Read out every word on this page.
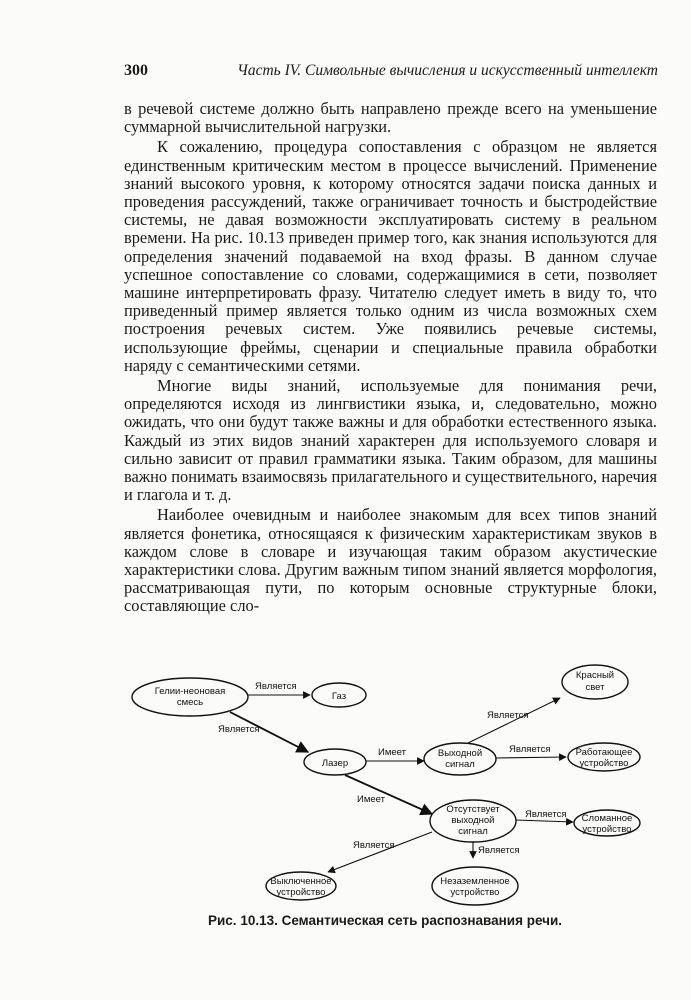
300	Часть IV. Символьные вычисления и искусственный интеллект

в речевой системе должно быть направлено прежде всего на уменьшение суммарной вычислительной нагрузки.

К сожалению, процедура сопоставления с образцом не является единственным критическим местом в процессе вычислений. Применение знаний высокого уровня, к которому относятся задачи поиска данных и проведения рассуждений, также ограничивает точность и быстродействие системы, не давая возможности эксплуатировать систему в реальном времени. На рис. 10.13 приведен пример того, как знания используются для определения значений подаваемой на вход фразы. В данном случае успешное сопоставление со словами, содержащимися в сети, позволяет машине интерпретировать фразу. Читателю следует иметь в виду то, что приведенный пример является только одним из числа возможных схем построения речевых систем. Уже появились речевые системы, использующие фреймы, сценарии и специальные правила обработки наряду с семантическими сетями.

Многие виды знаний, используемые для понимания речи, определяются исходя из лингвистики языка, и, следовательно, можно ожидать, что они будут также важны и для обработки естественного языка. Каждый из этих видов знаний характерен для используемого словаря и сильно зависит от правил грамматики языка. Таким образом, для машины важно понимать взаимосвязь прилагательного и существительного, наречия и глагола и т. д.

Наиболее очевидным и наиболее знакомым для всех типов знаний является фонетика, относящаяся к физическим характеристикам звуков в каждом слове в словаре и изучающая таким образом акустические характеристики слова. Другим важным типом знаний является морфология, рассматривающая пути, по которым основные структурные блоки, составляющие сло-

Гелии-неоновая
смесь
Газ
Лазер
Красный
свет
Выходной
сигнал
Работающее
устройство
Отсутствует
выходной
сигнал
Сломанное
устройство
Выключенное
устройство
Незаземленное
устройство
Является
Является
Имеет
Является
Является
Имеет
Является
Является	Является
Рис. 10.13. Семантическая сеть распознавания речи.
